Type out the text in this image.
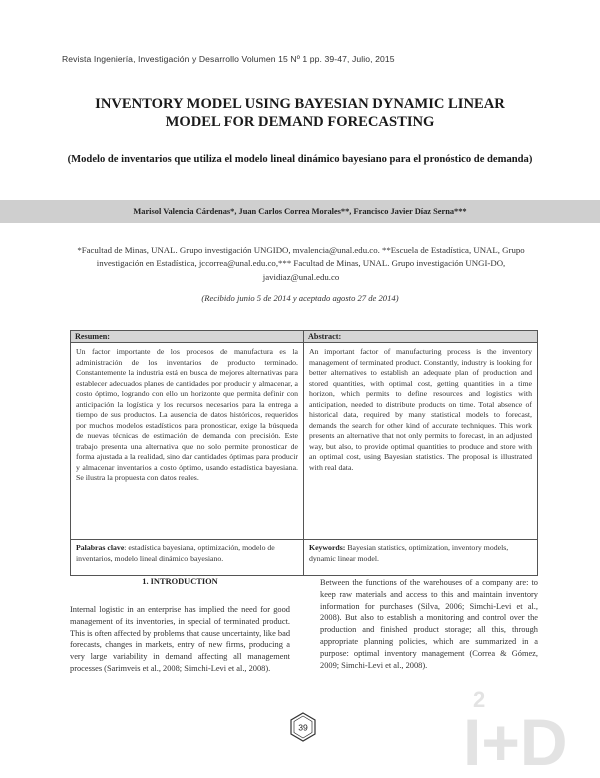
Revista Ingeniería, Investigación y Desarrollo Volumen 15 Nº 1 pp. 39-47, Julio, 2015
INVENTORY MODEL USING BAYESIAN DYNAMIC LINEAR MODEL FOR DEMAND FORECASTING
(Modelo de inventarios que utiliza el modelo lineal dinámico bayesiano para el pronóstico de demanda)
Marisol Valencia Cárdenas*, Juan Carlos Correa Morales**, Francisco Javier Díaz Serna***
*Facultad de Minas, UNAL. Grupo investigación UNGIDO, mvalencia@unal.edu.co. **Escuela de Estadística, UNAL, Grupo investigación en Estadística, jccorrea@unal.edu.co,*** Facultad de Minas, UNAL. Grupo investigación UNGI-DO, javidiaz@unal.edu.co
(Recibido junio 5 de 2014 y aceptado agosto 27 de 2014)
Resumen:
Un factor importante de los procesos de manufactura es la administración de los inventarios de producto terminado. Constantemente la industria está en busca de mejores alternativas para establecer adecuados planes de cantidades por producir y almacenar, a costo óptimo, logrando con ello un horizonte que permita definir con anticipación la logística y los recursos necesarios para la entrega a tiempo de sus productos. La ausencia de datos históricos, requeridos por muchos modelos estadísticos para pronosticar, exige la búsqueda de nuevas técnicas de estimación de demanda con precisión. Este trabajo presenta una alternativa que no solo permite pronosticar de forma ajustada a la realidad, sino dar cantidades óptimas para producir y almacenar inventarios a costo óptimo, usando estadística bayesiana. Se ilustra la propuesta con datos reales.
Palabras clave: estadística bayesiana, optimización, modelo de inventarios, modelo lineal dinámico bayesiano.
Abstract:
An important factor of manufacturing process is the inventory management of terminated product. Constantly, industry is looking for better alternatives to establish an adequate plan of production and stored quantities, with optimal cost, getting quantities in a time horizon, which permits to define resources and logistics with anticipation, needed to distribute products on time. Total absence of historical data, required by many statistical models to forecast, demands the search for other kind of accurate techniques. This work presents an alternative that not only permits to forecast, in an adjusted way, but also, to provide optimal quantities to produce and store with an optimal cost, using Bayesian statistics. The proposal is illustrated with real data.
Keywords: Bayesian statistics, optimization, inventory models, dynamic linear model.
1. INTRODUCTION
Internal logistic in an enterprise has implied the need for good management of its inventories, in special of terminated product. This is often affected by problems that cause uncertainty, like bad forecasts, changes in markets, entry of new firms, producing a very large variability in demand affecting all management processes (Sarimveis et al., 2008; Simchi-Levi et al., 2008).
Between the functions of the warehouses of a company are: to keep raw materials and access to this and maintain inventory information for purchases (Silva, 2006; Simchi-Levi et al., 2008). But also to establish a monitoring and control over the production and finished product storage; all this, through appropriate planning policies, which are summarized in a purpose: optimal inventory management (Correa & Gómez, 2009; Simchi-Levi et al., 2008).
39 I+D
2
